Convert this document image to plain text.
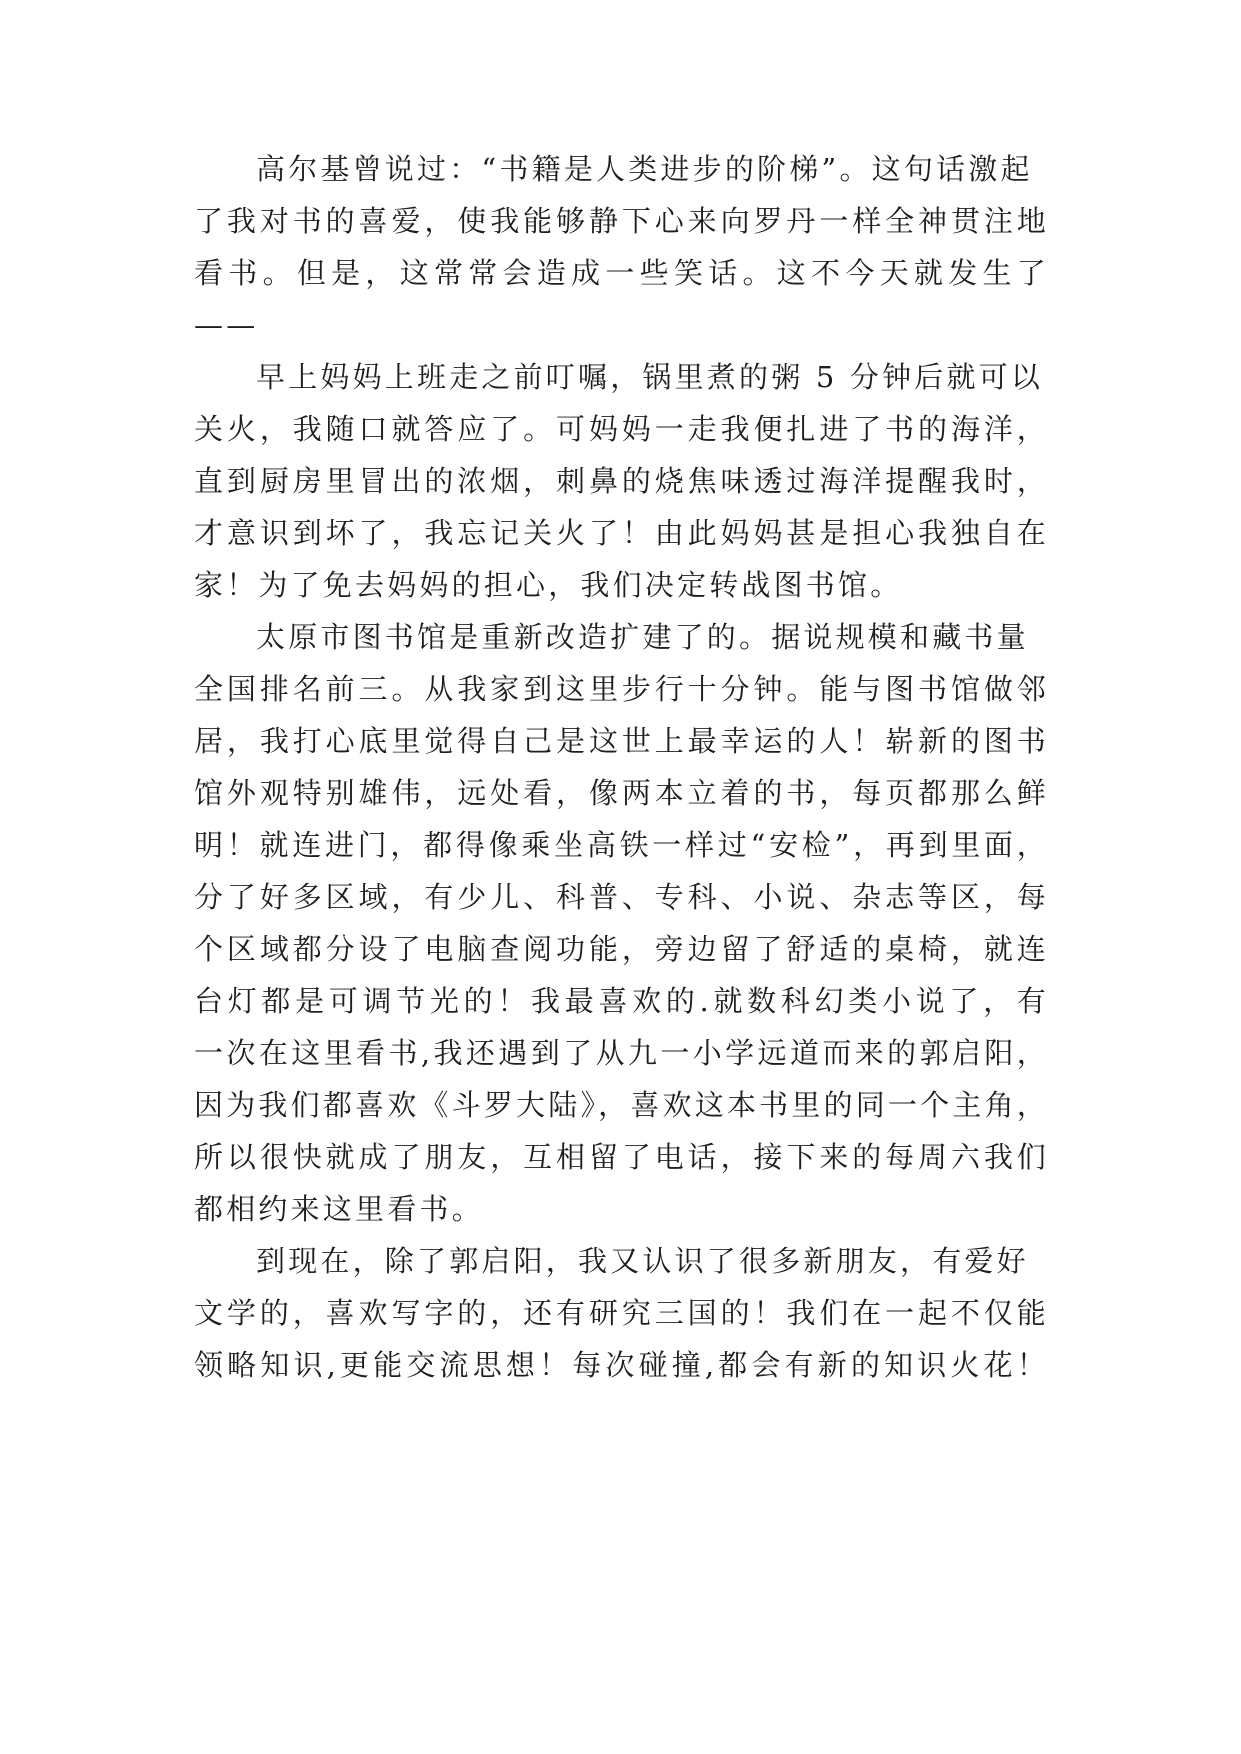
高尔基曾说过：“书籍是人类进步的阶梯”。这句话激起
了我对书的喜爱，使我能够静下心来向罗丹一样全神贯注地
看书。但是，这常常会造成一些笑话。这不今天就发生了
——
早上妈妈上班走之前叮嘱，锅里煮的粥 5 分钟后就可以
关火，我随口就答应了。可妈妈一走我便扎进了书的海洋，
直到厨房里冒出的浓烟，刺鼻的烧焦味透过海洋提醒我时，
才意识到坏了，我忘记关火了！由此妈妈甚是担心我独自在
家！为了免去妈妈的担心，我们决定转战图书馆。
太原市图书馆是重新改造扩建了的。据说规模和藏书量
全国排名前三。从我家到这里步行十分钟。能与图书馆做邻
居，我打心底里觉得自己是这世上最幸运的人！崭新的图书
馆外观特别雄伟，远处看，像两本立着的书，每页都那么鲜
明！就连进门，都得像乘坐高铁一样过“安检”，再到里面，
分了好多区域，有少儿、科普、专科、小说、杂志等区，每
个区域都分设了电脑查阅功能，旁边留了舒适的桌椅，就连
台灯都是可调节光的！我最喜欢的.就数科幻类小说了，有
一次在这里看书,我还遇到了从九一小学远道而来的郭启阳，
因为我们都喜欢《斗罗大陆》，喜欢这本书里的同一个主角，
所以很快就成了朋友，互相留了电话，接下来的每周六我们
都相约来这里看书。
到现在，除了郭启阳，我又认识了很多新朋友，有爱好
文学的，喜欢写字的，还有研究三国的！我们在一起不仅能
领略知识,更能交流思想！每次碰撞,都会有新的知识火花！
